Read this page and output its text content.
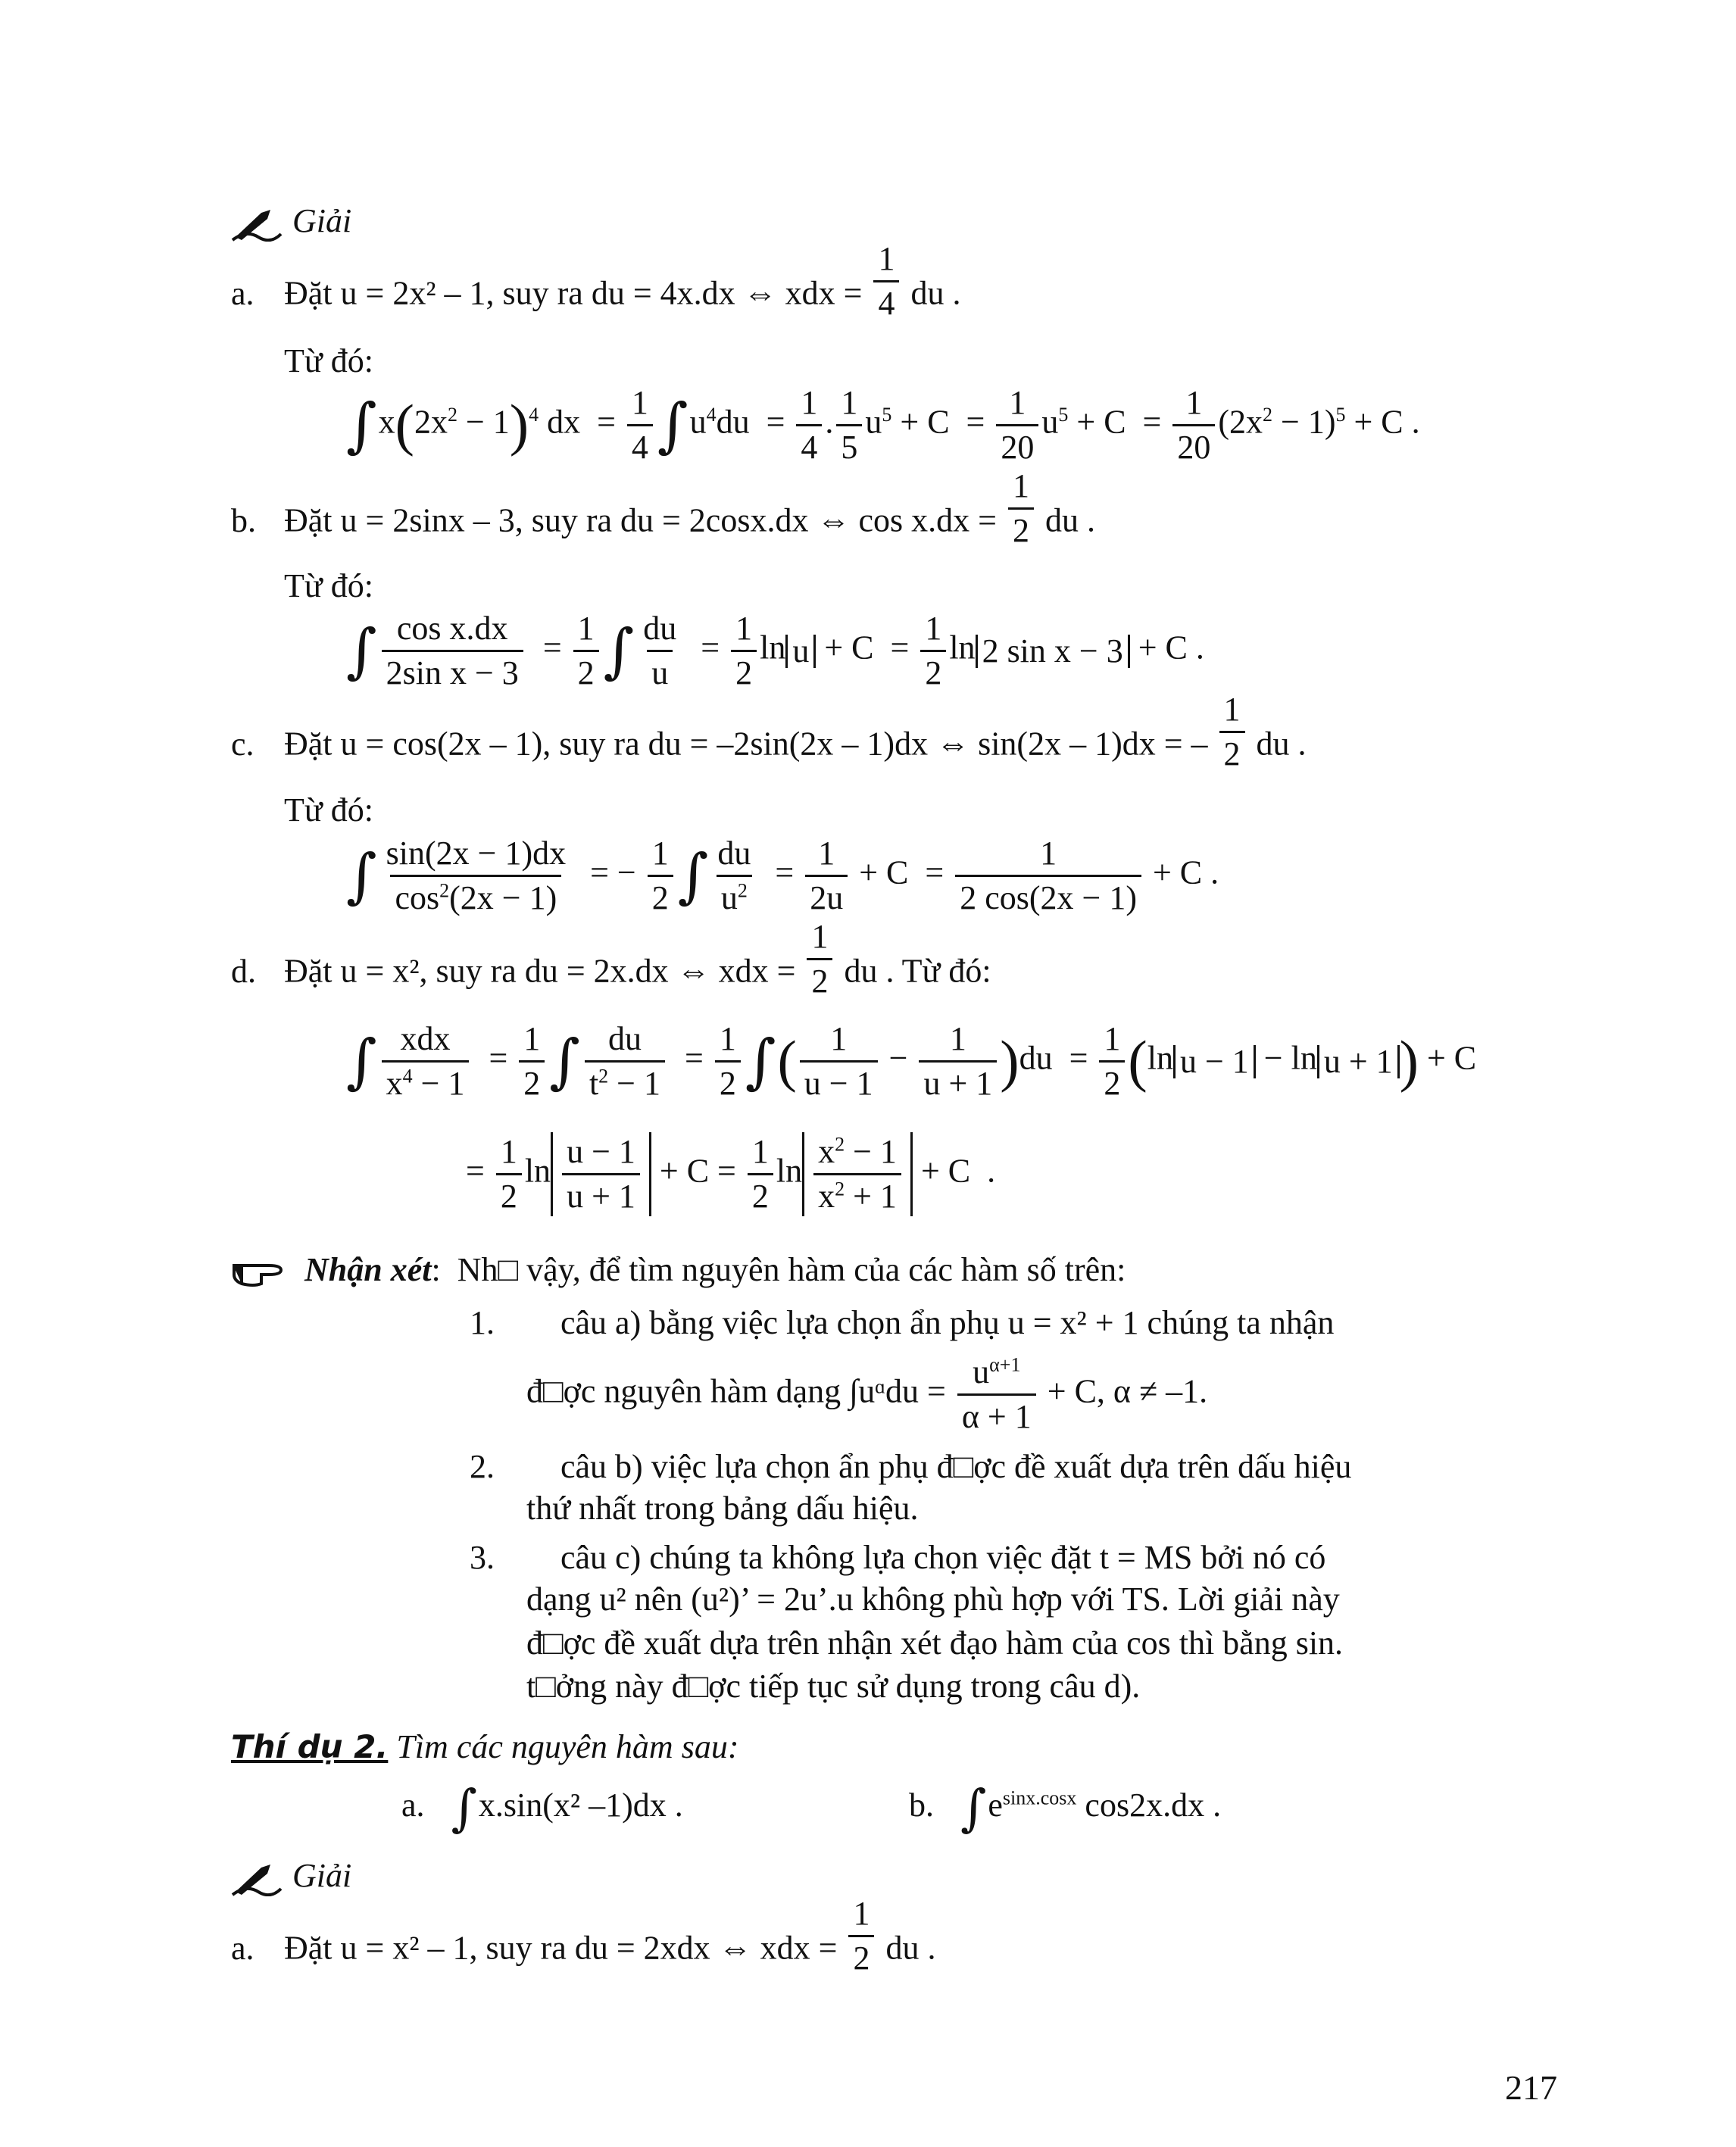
Giải
a. Đặt u = 2x² – 1, suy ra du = 4x.dx ⇔ xdx = $\frac{1}{4}$ du .
Từ đó:
$\int x(2x^2 - 1)^4$ dx  = $\frac{1}{4} \int u^4du = \frac{1}{4}$ . $\frac{1}{5} u^5 + C = \frac{1}{20} u^5 + C = \frac{1}{20} (2x^2 - 1)^5 + C$ .
b. Đặt u = 2sinx – 3, suy ra du = 2cosx.dx ⇔ $\cos x.dx = \frac{1}{2}$ du .
Từ đó:
∫ $\frac{\text{cos x.dx}}{\text{2sin x − 3}} = \frac{1}{2}$ ∫ $\frac{du}{u} = \frac{1}{2}$ $\ln u + C = \frac{1}{2}$ ln 2 sin x − 3 + C .
c. Đặt u = cos(2x – 1), suy ra du = –2sin(2x – 1)dx ⇔ sin(2x – 1)dx = – $\frac{1}{2}$ du .
Từ đó:
∫ $\frac{\sin(2x - 1)dx}{\cos^2(2x - 1)}$ = − $\frac{1}{2}$ ∫ $\frac{du}{u^2} = \frac{1}{2u} + C = \frac{1}{2 \cos(2x - 1)} + C$ .
d. Đặt u = x², suy ra du = 2x.dx ⇔ xdx = $\frac{1}{2}$ du . Từ đó:
∫ $\frac{\text{xdx}}{x^4 - 1} = \frac{1}{2}$ ∫ $\frac{du}{t^2 - 1} = \frac{1}{2}$ ∫( $\frac{1}{u - 1} - \frac{1}{u + 1} )du = \frac{1}{2} (\ln$ u − 1 − ln u + 1 ) + C
= $\frac{1}{2}$ $\ln \frac{u - 1}{u + 1} + C = \frac{1}{2}$ $\ln \frac{x^2 - 1}{x^2 + 1} + C$  .
Nhận xét:  Nh□ vậy, để tìm nguyên hàm của các hàm số trên:
1. câu a) bằng việc lựa chọn ẩn phụ u = x² + 1 chúng ta nhận
đ□ợc nguyên hàm dạng ∫uᵅdu = $\frac{u^{\alpha+1}}{\alpha + 1} + C$, α ≠ –1.
2. câu b) việc lựa chọn ẩn phụ đ□ợc đề xuất dựa trên dấu hiệu
thứ nhất trong bảng dấu hiệu.
3. câu c) chúng ta không lựa chọn việc đặt t = MS bởi nó có
dạng u² nên (u²)’ = 2u’.u không phù hợp với TS. Lời giải này
đ□ợc đề xuất dựa trên nhận xét đạo hàm của cos thì bằng sin.
t□ởng này đ□ợc tiếp tục sử dụng trong câu d).
Thí dụ 2. Tìm các nguyên hàm sau:
a. ∫x.sin(x² –1)dx .	b. $\int e^{sinx.cosx}$ cos2x.dx .
Giải
a. Đặt u = x² – 1, suy ra du = 2xdx ⇔ xdx = $\frac{1}{2}$ du .
217
